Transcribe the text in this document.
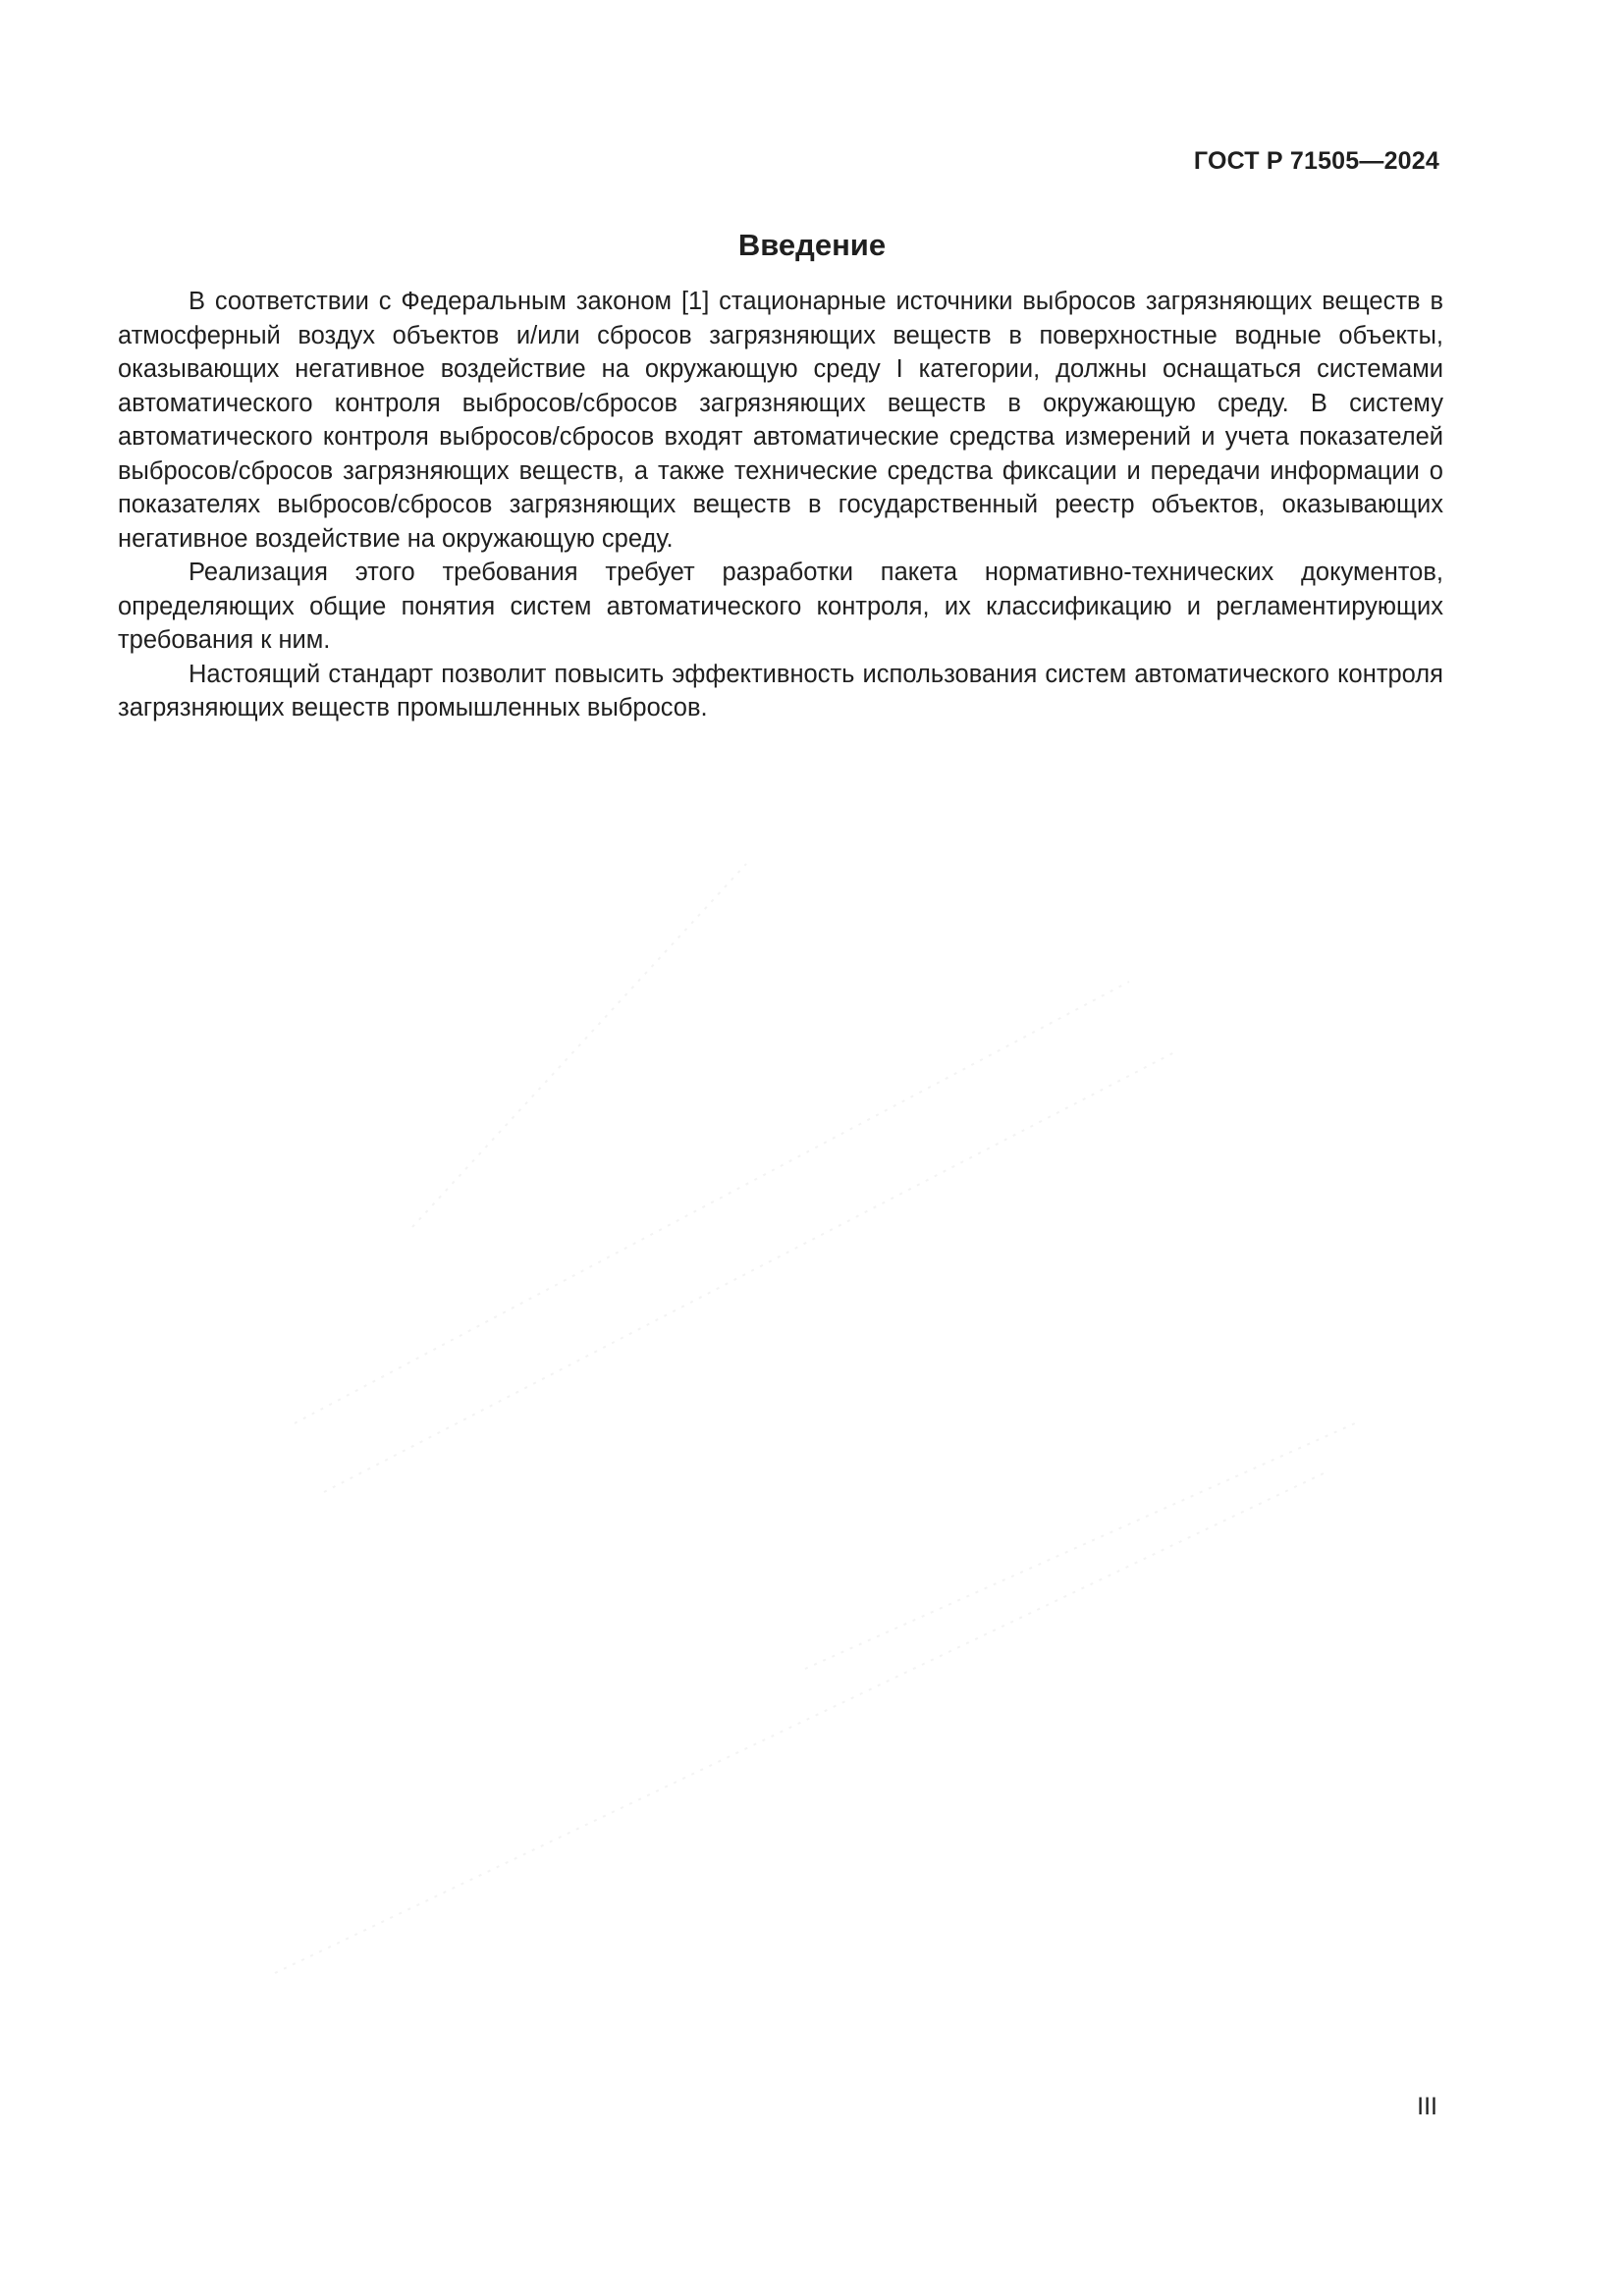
ГОСТ Р 71505—2024
Введение

В соответствии с Федеральным законом [1] стационарные источники выбросов загрязняющих веществ в атмосферный воздух объектов и/или сбросов загрязняющих веществ в поверхностные водные объекты, оказывающих негативное воздействие на окружающую среду I категории, должны оснащаться системами автоматического контроля выбросов/сбросов загрязняющих веществ в окружающую среду. В систему автоматического контроля выбросов/сбросов входят автоматические средства измерений и учета показателей выбросов/сбросов загрязняющих веществ, а также технические средства фиксации и передачи информации о показателях выбросов/сбросов загрязняющих веществ в государственный реестр объектов, оказывающих негативное воздействие на окружающую среду.

Реализация этого требования требует разработки пакета нормативно-технических документов, определяющих общие понятия систем автоматического контроля, их классификацию и регламентирующих требования к ним.

Настоящий стандарт позволит повысить эффективность использования систем автоматического контроля загрязняющих веществ промышленных выбросов.

III
